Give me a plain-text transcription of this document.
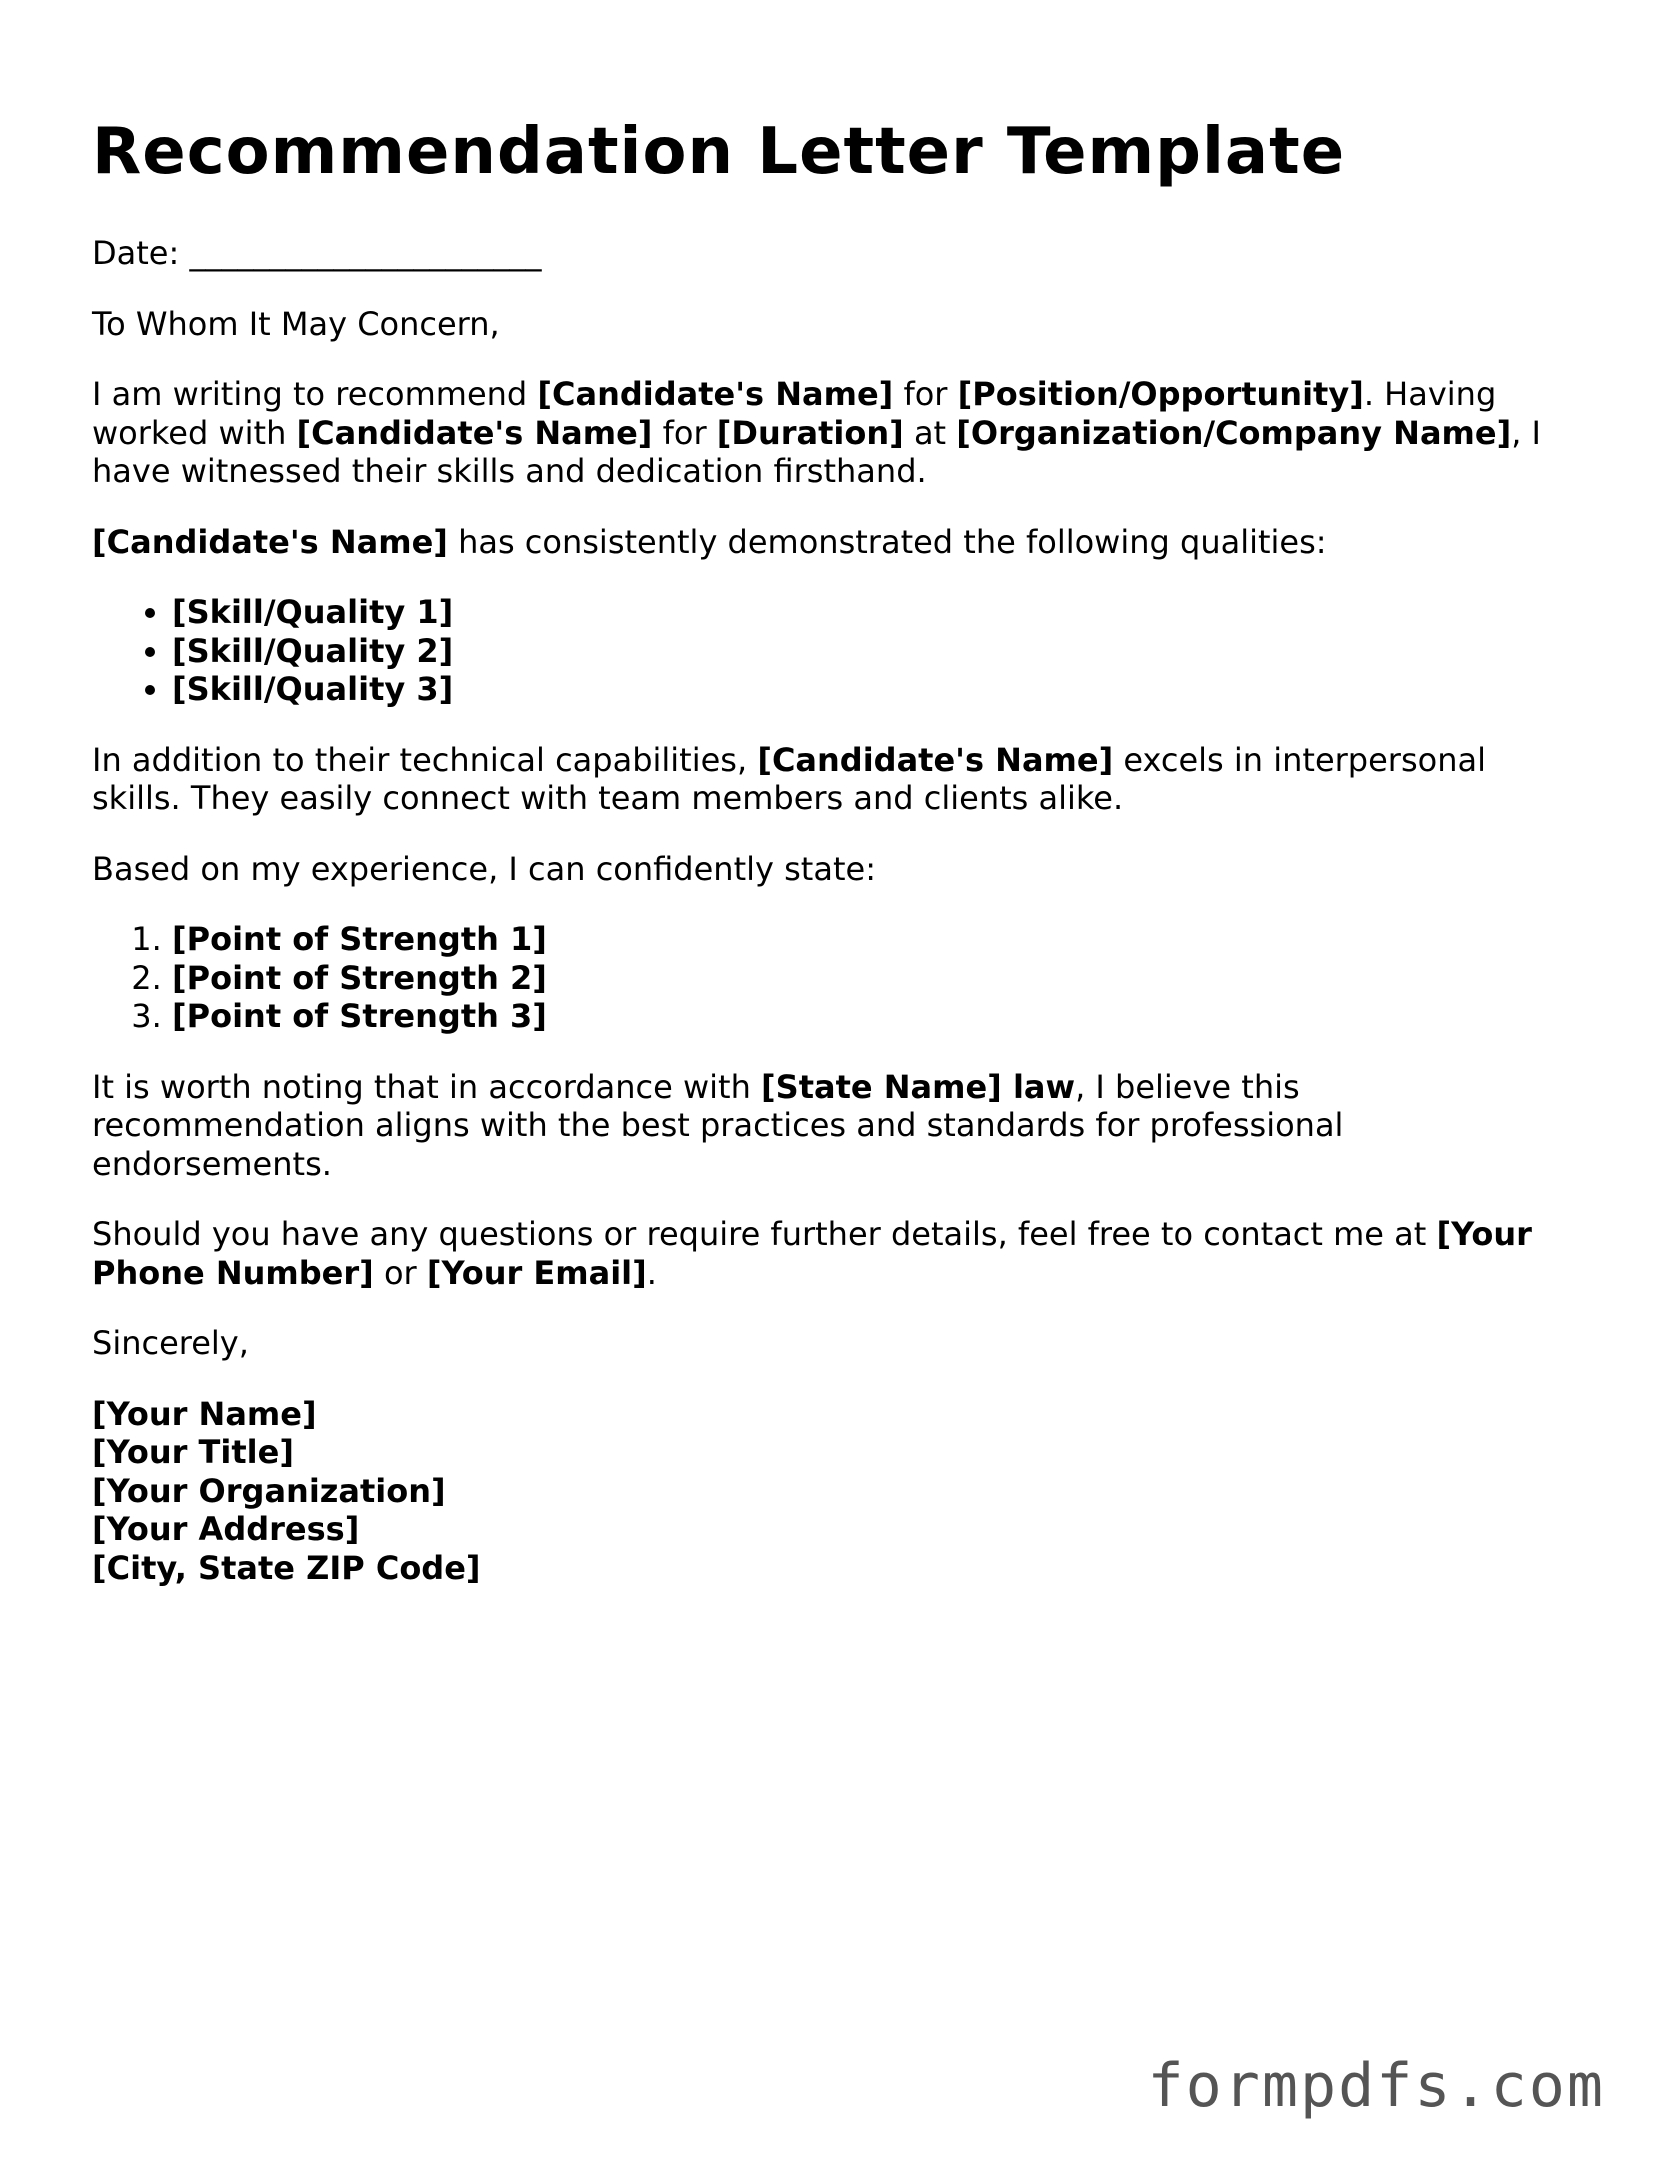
Recommendation Letter Template

Date: ______________________

To Whom It May Concern,

I am writing to recommend [Candidate's Name] for [Position/Opportunity]. Having worked with [Candidate's Name] for [Duration] at [Organization/Company Name], I have witnessed their skills and dedication firsthand.

[Candidate's Name] has consistently demonstrated the following qualities:

• [Skill/Quality 1]
• [Skill/Quality 2]
• [Skill/Quality 3]

In addition to their technical capabilities, [Candidate's Name] excels in interpersonal skills. They easily connect with team members and clients alike.

Based on my experience, I can confidently state:

1. [Point of Strength 1]
2. [Point of Strength 2]
3. [Point of Strength 3]

It is worth noting that in accordance with [State Name] law, I believe this recommendation aligns with the best practices and standards for professional endorsements.

Should you have any questions or require further details, feel free to contact me at [Your Phone Number] or [Your Email].

Sincerely,

[Your Name]

[Your Title]

[Your Organization]

[Your Address]

[City, State ZIP Code]

formpdfs.com
